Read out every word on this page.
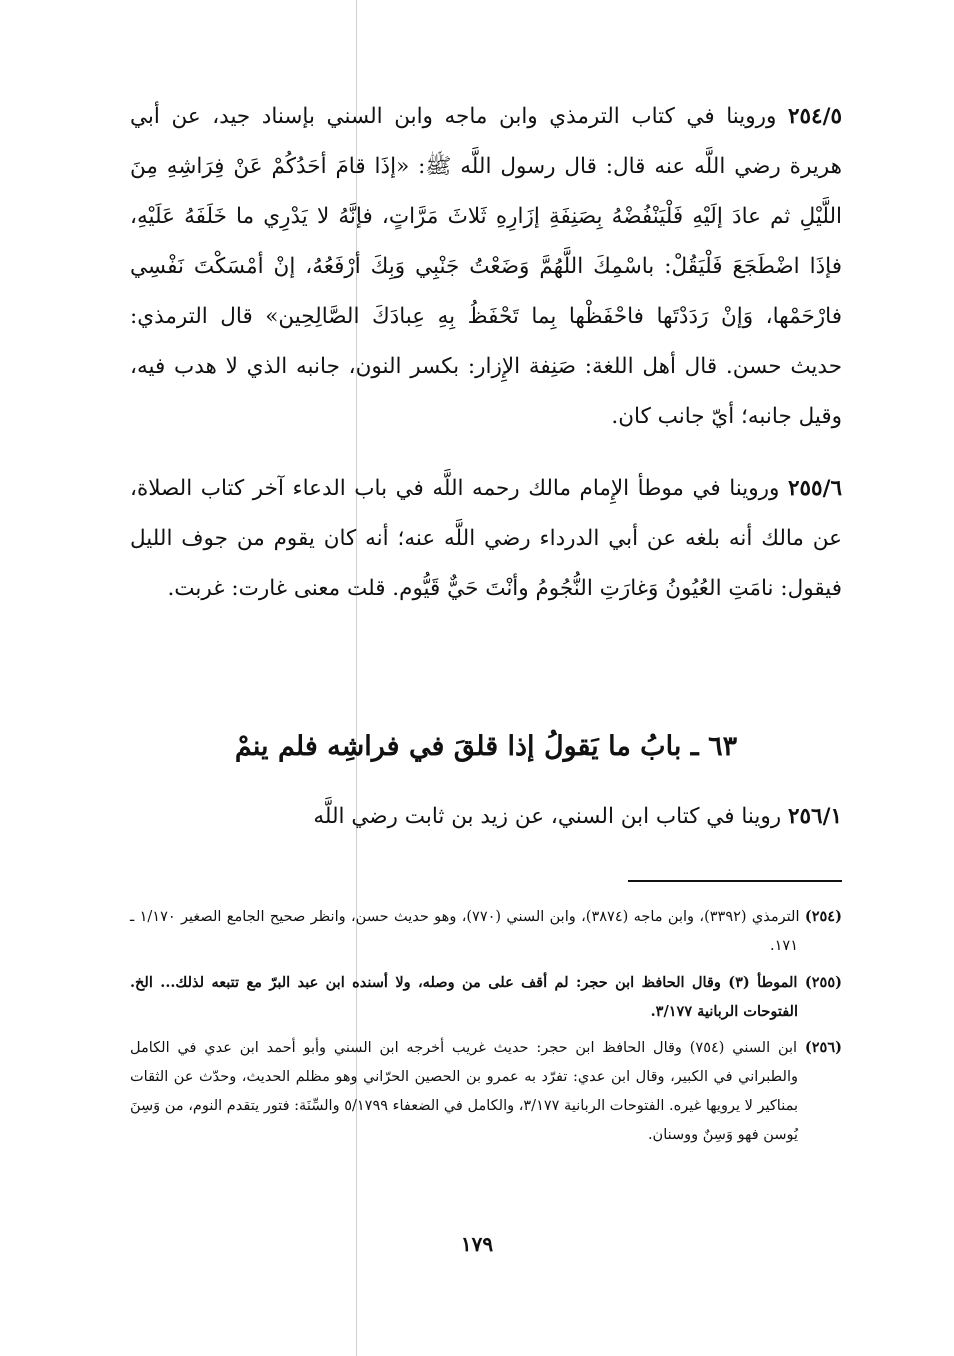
٢٥٤/٥ وروينا في كتاب الترمذي وابن ماجه وابن السني بإسناد جيد، عن أبي هريرة رضي اللَّه عنه قال: قال رسول اللَّه ﷺ: «إذَا قامَ أحَدُكُمْ عَنْ فِرَاشِهِ مِنَ اللَّيْلِ ثم عادَ إلَيْهِ فَلْيَنْفُضْهُ بِصَنِفَةِ إزَارِهِ ثَلاثَ مَرَّاتٍ، فإنَّهُ لا يَدْرِي ما خَلَفَهُ عَلَيْهِ، فإذَا اضْطَجَعَ فَلْيَقُلْ: باسْمِكَ اللَّهُمَّ وَضَعْتُ جَنْبِي وَبِكَ أرْفَعُهُ، إنْ أمْسَكْتَ نَفْسِي فارْحَمْها، وَإنْ رَدَدْتَها فاحْفَظْها بِما تَحْفَظُ بِهِ عِبادَكَ الصَّالِحِين» قال الترمذي: حديث حسن. قال أهل اللغة: صَنِفة الإِزار: بكسر النون، جانبه الذي لا هدب فيه، وقيل جانبه؛ أيّ جانب كان.

٢٥٥/٦ وروينا في موطأ الإِمام مالك رحمه اللَّه في باب الدعاء آخر كتاب الصلاة، عن مالك أنه بلغه عن أبي الدرداء رضي اللَّه عنه؛ أنه كان يقوم من جوف الليل فيقول: نامَتِ العُيُونُ وَغارَتِ النُّجُومُ وأنْتَ حَيٌّ قَيُّوم. قلت معنى غارت: غربت.

٦٣ ـ بابُ ما يَقولُ إذا قلقَ في فراشِه فلم ينمْ

٢٥٦/١ روينا في كتاب ابن السني، عن زيد بن ثابت رضي اللَّه

(٢٥٤) الترمذي (٣٣٩٢)، وابن ماجه (٣٨٧٤)، وابن السني (٧٧٠)، وهو حديث حسن، وانظر صحيح الجامع الصغير ١/١٧٠ ـ ١٧١.

(٢٥٥) الموطأ (٣) وقال الحافظ ابن حجر: لم أقف على من وصله، ولا أسنده ابن عبد البرّ مع تتبعه لذلك... الخ. الفتوحات الربانية ٣/١٧٧.

(٢٥٦) ابن السني (٧٥٤) وقال الحافظ ابن حجر: حديث غريب أخرجه ابن السني وأبو أحمد ابن عدي في الكامل والطبراني في الكبير، وقال ابن عدي: تفرّد به عمرو بن الحصين الحرّاني وهو مظلم الحديث، وحدّث عن الثقات بمناكير لا يرويها غيره. الفتوحات الربانية ٣/١٧٧، والكامل في الضعفاء ٥/١٧٩٩ والسِّنَة: فتور يتقدم النوم، من وَسِنَ يُوسن فهو وَسِنٌ ووسنان.

١٧٩
